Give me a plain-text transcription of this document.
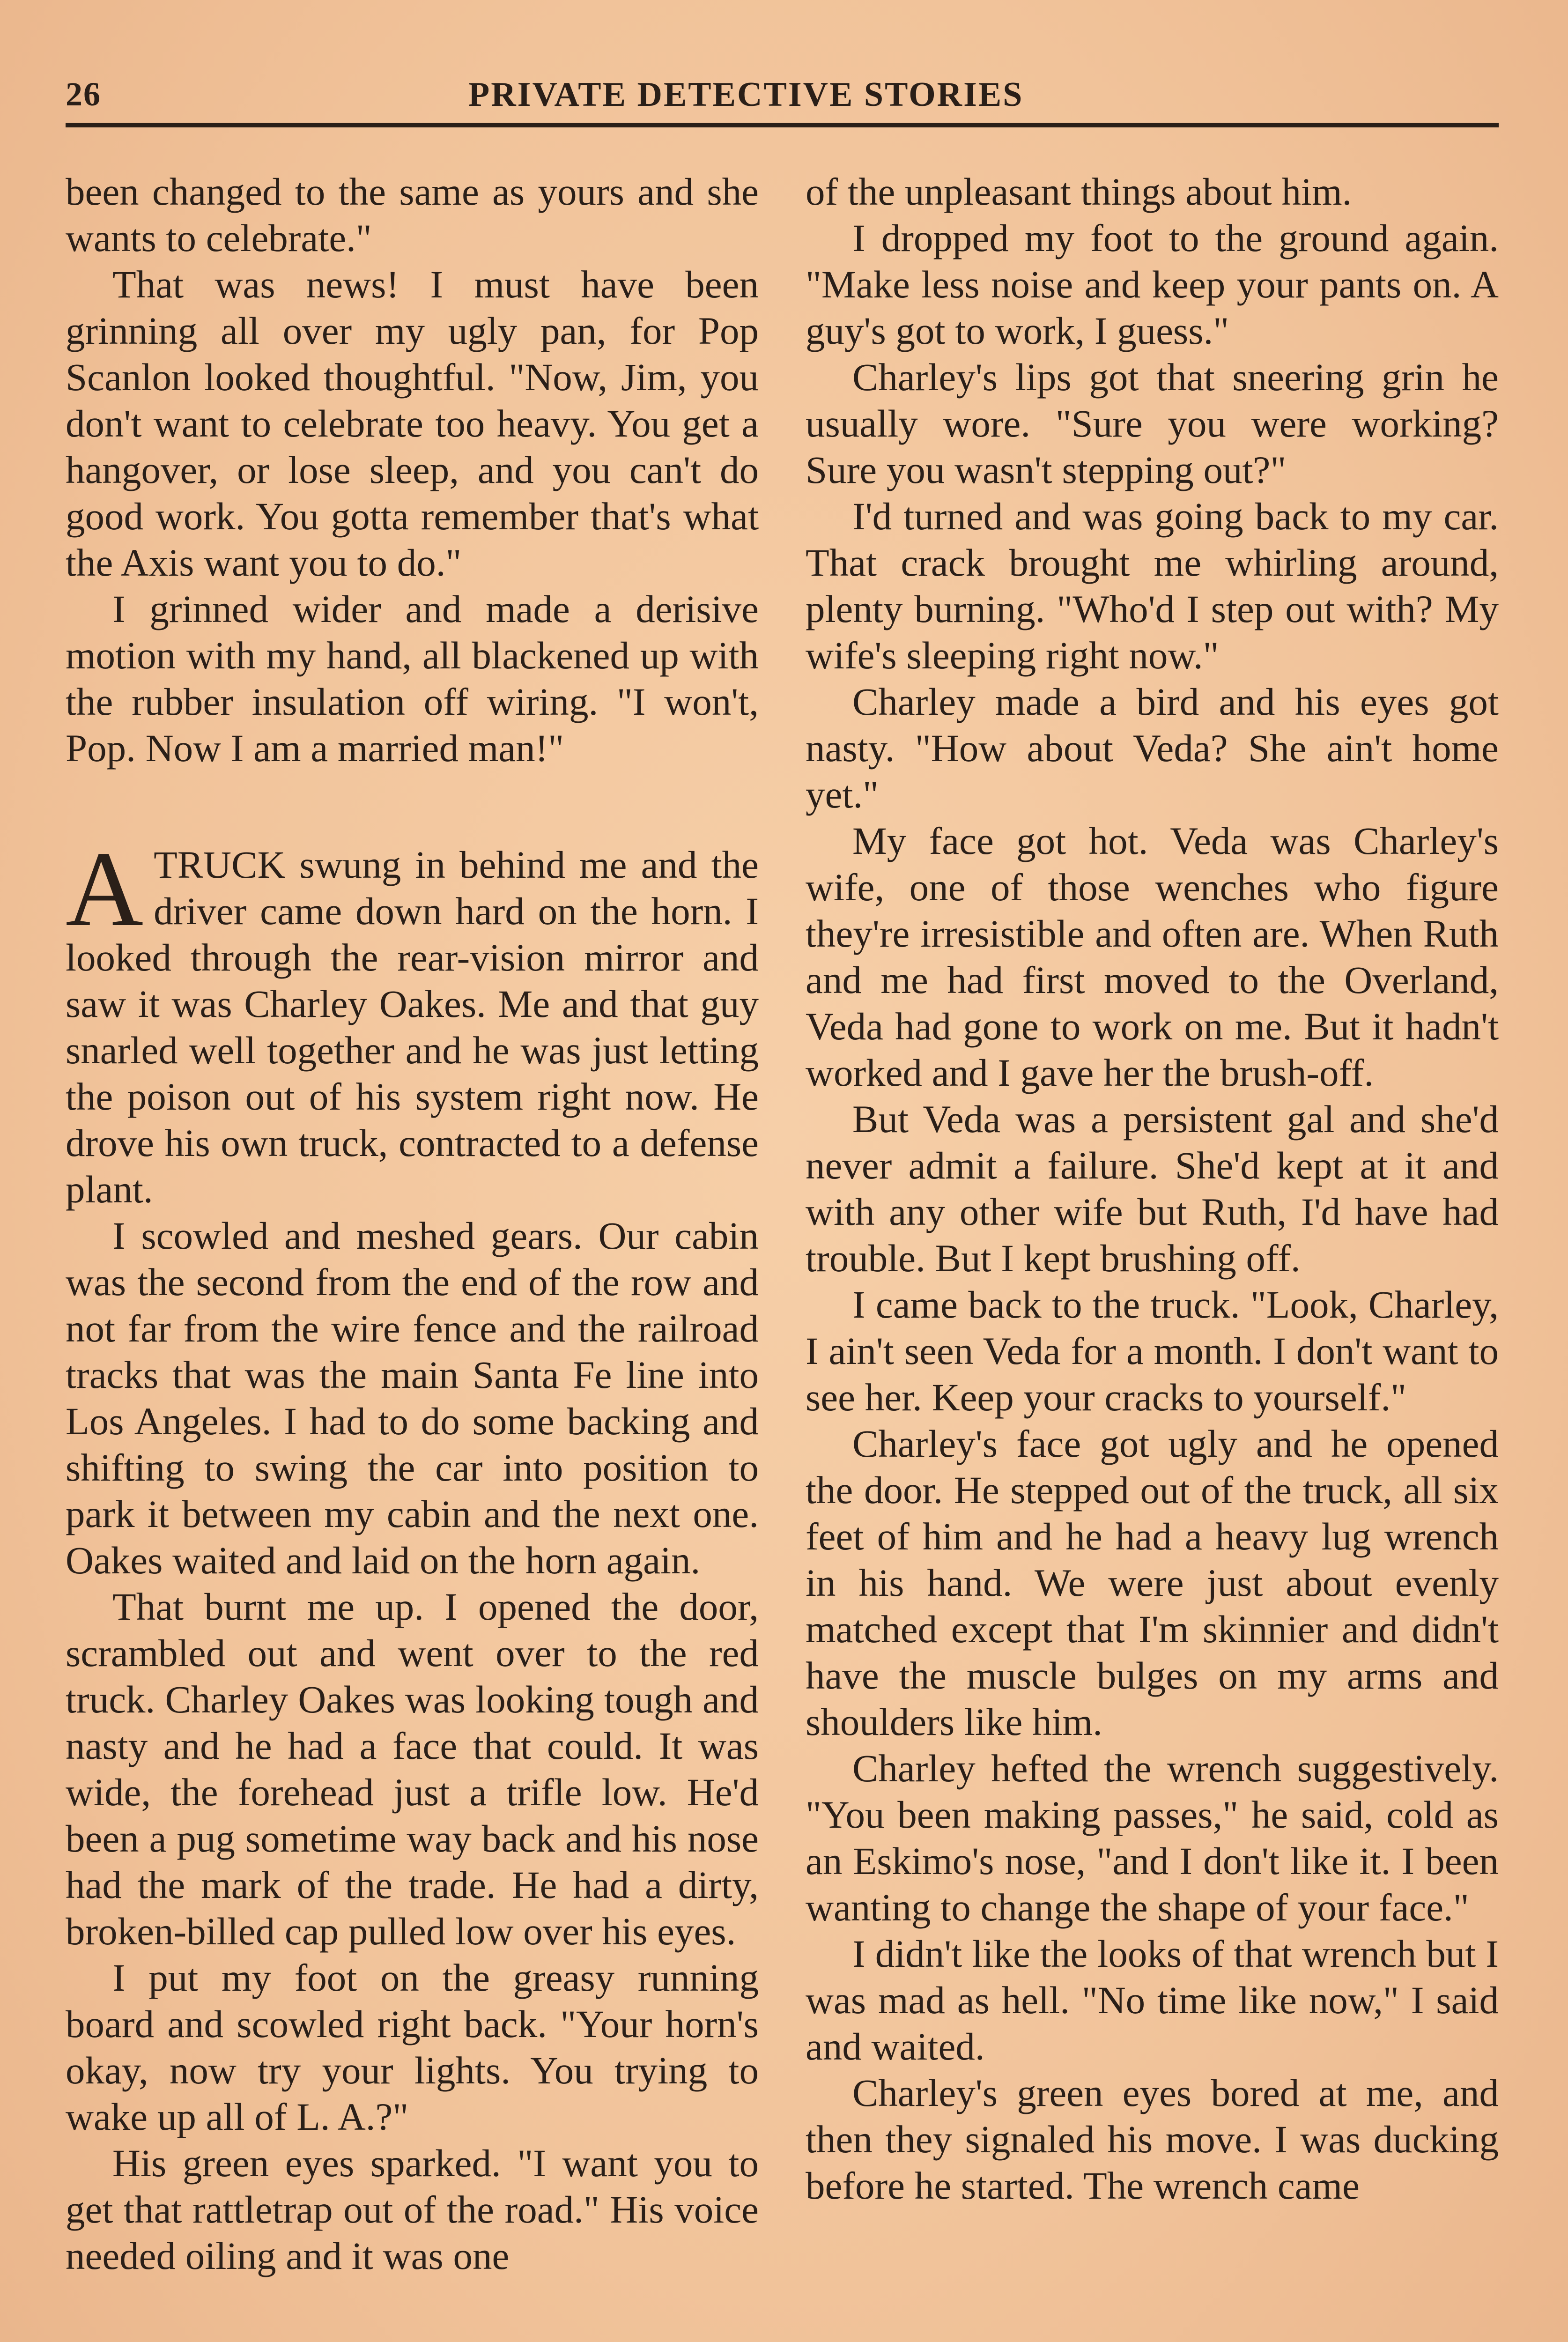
26	PRIVATE DETECTIVE STORIES

been changed to the same as yours and she wants to celebrate."

That was news! I must have been grinning all over my ugly pan, for Pop Scanlon looked thoughtful. "Now, Jim, you don't want to celebrate too heavy. You get a hangover, or lose sleep, and you can't do good work. You gotta remember that's what the Axis want you to do."

I grinned wider and made a derisive motion with my hand, all blackened up with the rubber insulation off wiring. "I won't, Pop. Now I am a married man!"

ATRUCK swung in behind me and the driver came down hard on the horn. I looked through the rear-vision mirror and saw it was Charley Oakes. Me and that guy snarled well together and he was just letting the poison out of his system right now. He drove his own truck, contracted to a defense plant.

I scowled and meshed gears. Our cabin was the second from the end of the row and not far from the wire fence and the railroad tracks that was the main Santa Fe line into Los Angeles. I had to do some backing and shifting to swing the car into position to park it between my cabin and the next one. Oakes waited and laid on the horn again.

That burnt me up. I opened the door, scrambled out and went over to the red truck. Charley Oakes was looking tough and nasty and he had a face that could. It was wide, the forehead just a trifle low. He'd been a pug sometime way back and his nose had the mark of the trade. He had a dirty, broken-billed cap pulled low over his eyes.

I put my foot on the greasy running board and scowled right back. "Your horn's okay, now try your lights. You trying to wake up all of L. A.?"

His green eyes sparked. "I want you to get that rattletrap out of the road." His voice needed oiling and it was one

of the unpleasant things about him.

I dropped my foot to the ground again. "Make less noise and keep your pants on. A guy's got to work, I guess."

Charley's lips got that sneering grin he usually wore. "Sure you were working? Sure you wasn't stepping out?"

I'd turned and was going back to my car. That crack brought me whirling around, plenty burning. "Who'd I step out with? My wife's sleeping right now."

Charley made a bird and his eyes got nasty. "How about Veda? She ain't home yet."

My face got hot. Veda was Charley's wife, one of those wenches who figure they're irresistible and often are. When Ruth and me had first moved to the Overland, Veda had gone to work on me. But it hadn't worked and I gave her the brush-off.

But Veda was a persistent gal and she'd never admit a failure. She'd kept at it and with any other wife but Ruth, I'd have had trouble. But I kept brushing off.

I came back to the truck. "Look, Charley, I ain't seen Veda for a month. I don't want to see her. Keep your cracks to yourself."

Charley's face got ugly and he opened the door. He stepped out of the truck, all six feet of him and he had a heavy lug wrench in his hand. We were just about evenly matched except that I'm skinnier and didn't have the muscle bulges on my arms and shoulders like him.

Charley hefted the wrench suggestively. "You been making passes," he said, cold as an Eskimo's nose, "and I don't like it. I been wanting to change the shape of your face."

I didn't like the looks of that wrench but I was mad as hell. "No time like now," I said and waited.

Charley's green eyes bored at me, and then they signaled his move. I was ducking before he started. The wrench came
